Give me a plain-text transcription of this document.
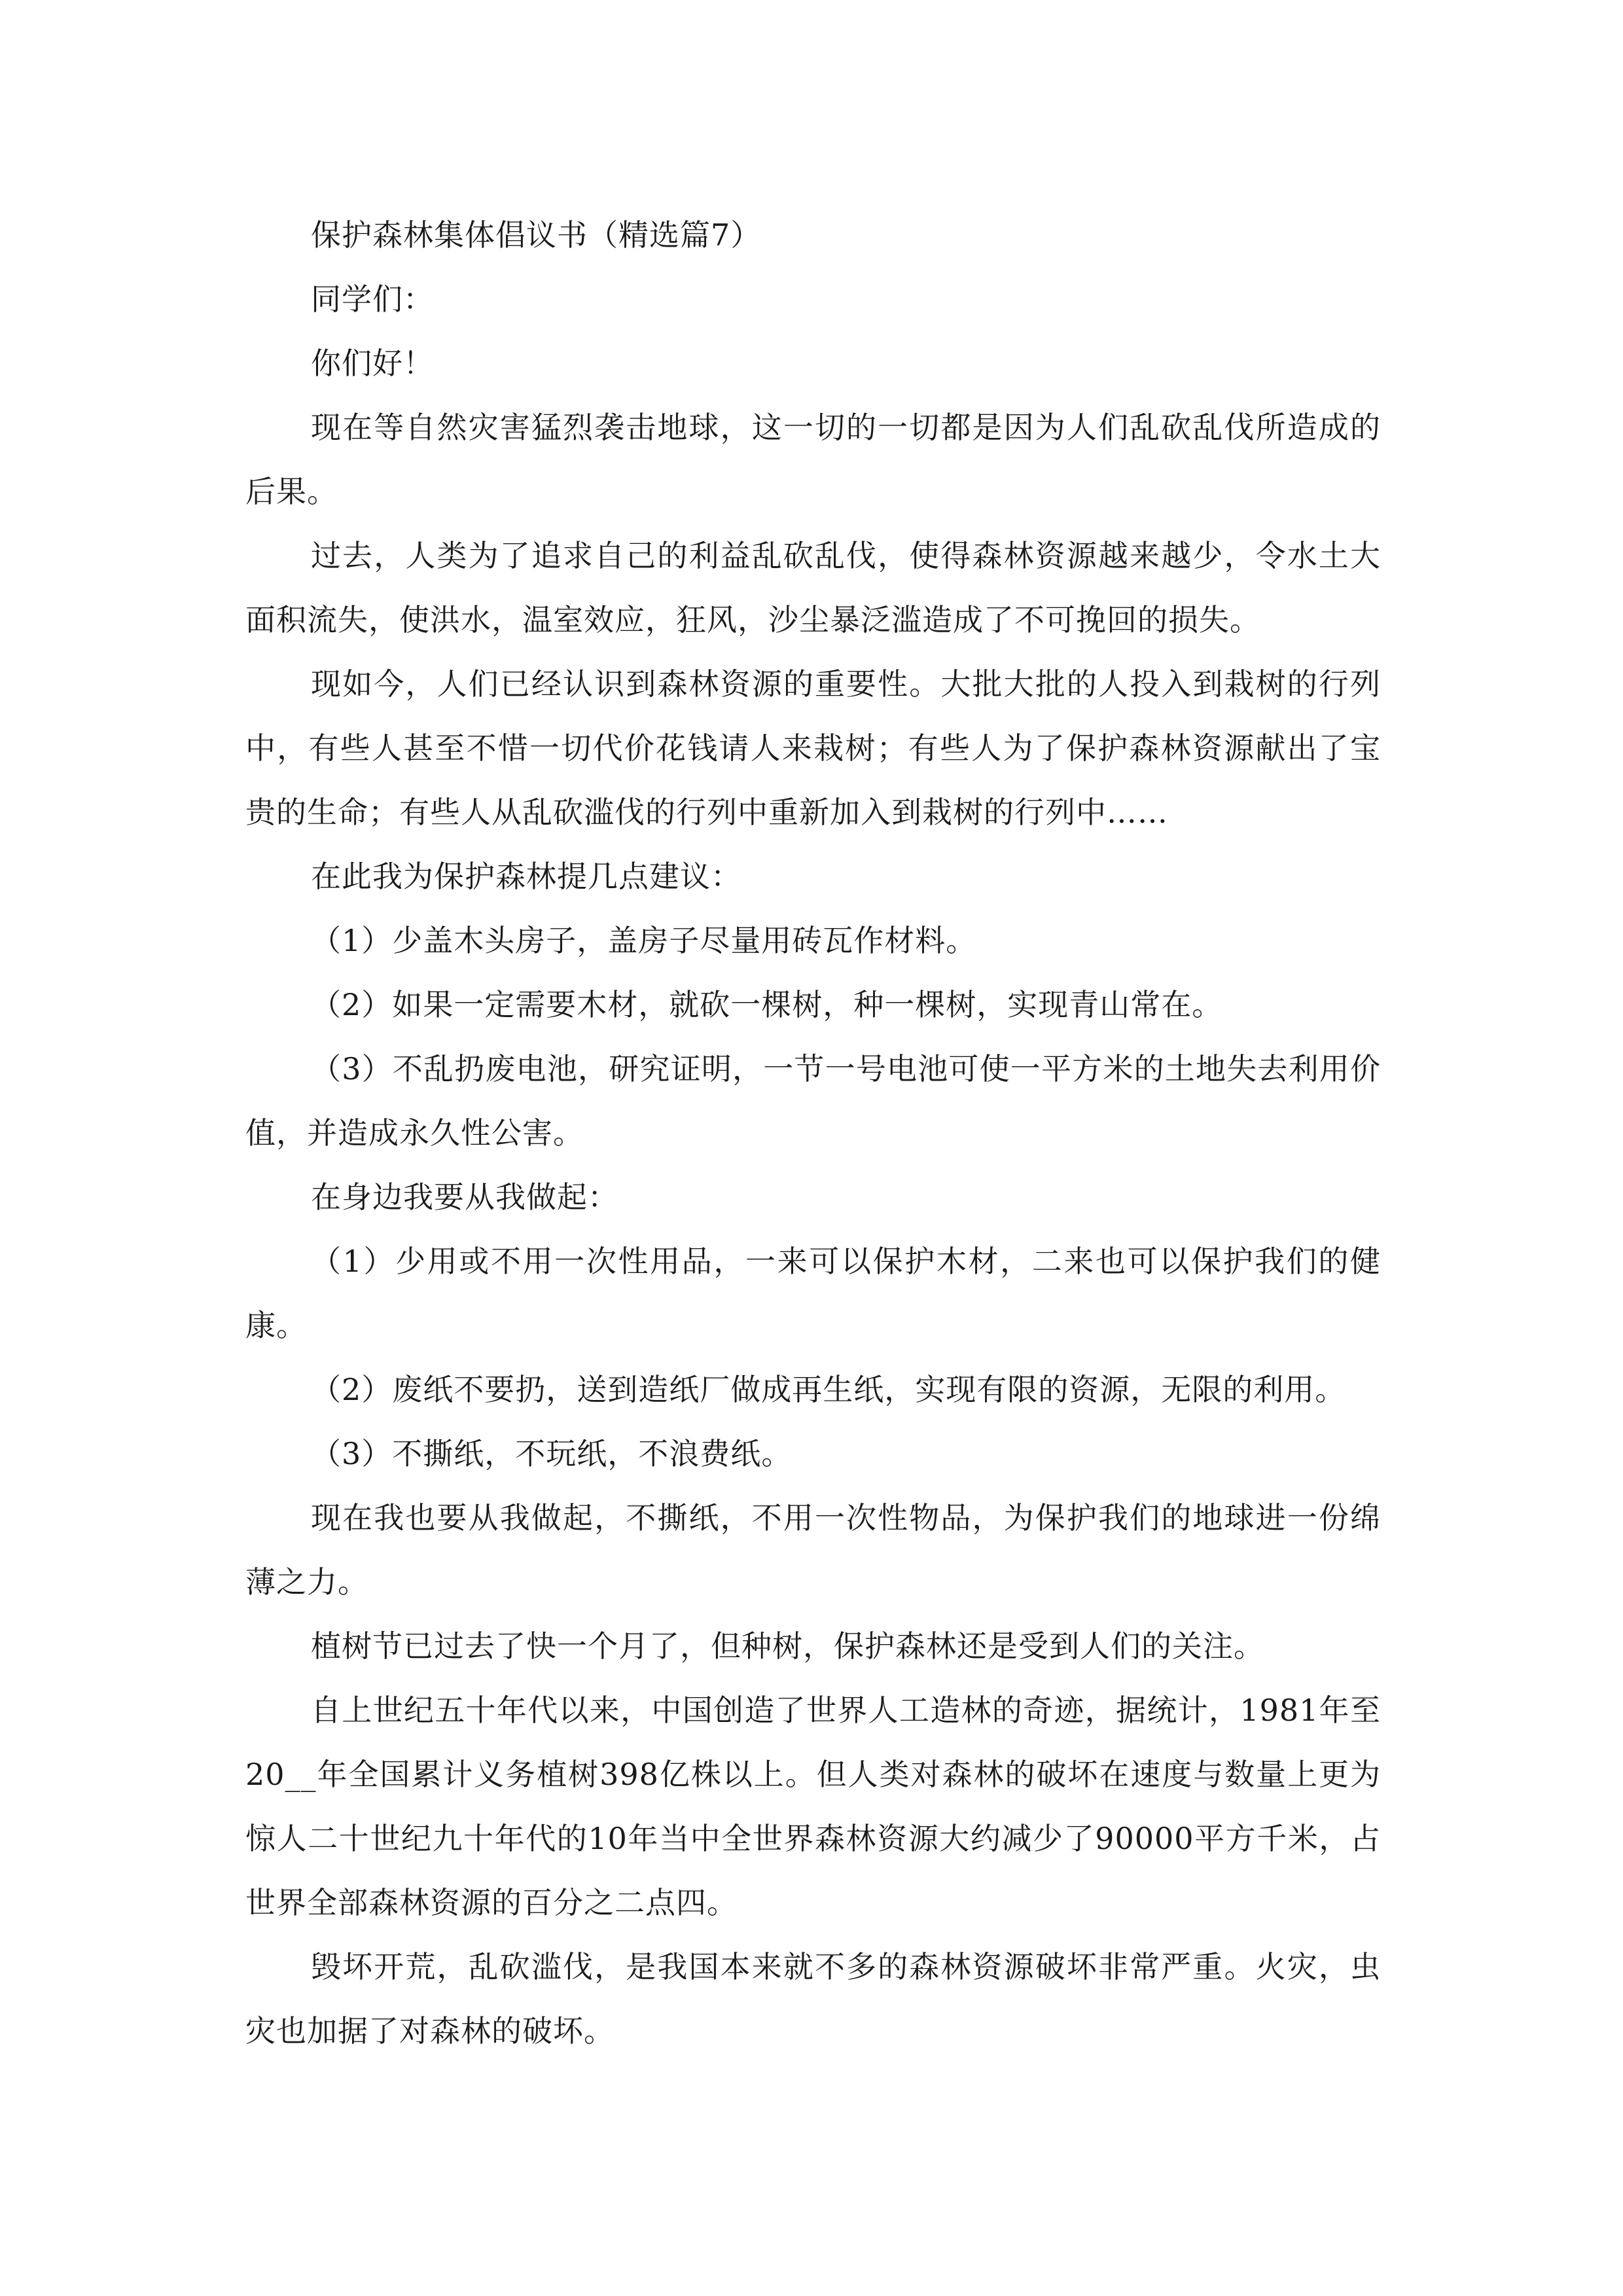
保护森林集体倡议书（精选篇7）

同学们：

你们好！

现在等自然灾害猛烈袭击地球，这一切的一切都是因为人们乱砍乱伐所造成的后果。

过去，人类为了追求自己的利益乱砍乱伐，使得森林资源越来越少，令水土大面积流失，使洪水，温室效应，狂风，沙尘暴泛滥造成了不可挽回的损失。

现如今，人们已经认识到森林资源的重要性。大批大批的人投入到栽树的行列中，有些人甚至不惜一切代价花钱请人来栽树；有些人为了保护森林资源献出了宝贵的生命；有些人从乱砍滥伐的行列中重新加入到栽树的行列中……

在此我为保护森林提几点建议：

（1）少盖木头房子，盖房子尽量用砖瓦作材料。

（2）如果一定需要木材，就砍一棵树，种一棵树，实现青山常在。

（3）不乱扔废电池，研究证明，一节一号电池可使一平方米的土地失去利用价值，并造成永久性公害。

在身边我要从我做起：

（1）少用或不用一次性用品，一来可以保护木材，二来也可以保护我们的健康。

（2）废纸不要扔，送到造纸厂做成再生纸，实现有限的资源，无限的利用。

（3）不撕纸，不玩纸，不浪费纸。

现在我也要从我做起，不撕纸，不用一次性物品，为保护我们的地球进一份绵薄之力。

植树节已过去了快一个月了，但种树，保护森林还是受到人们的关注。

自上世纪五十年代以来，中国创造了世界人工造林的奇迹，据统计，1981年至20__年全国累计义务植树398亿株以上。但人类对森林的破坏在速度与数量上更为惊人二十世纪九十年代的10年当中全世界森林资源大约减少了90000平方千米，占世界全部森林资源的百分之二点四。

毁坏开荒，乱砍滥伐，是我国本来就不多的森林资源破坏非常严重。火灾，虫灾也加据了对森林的破坏。
